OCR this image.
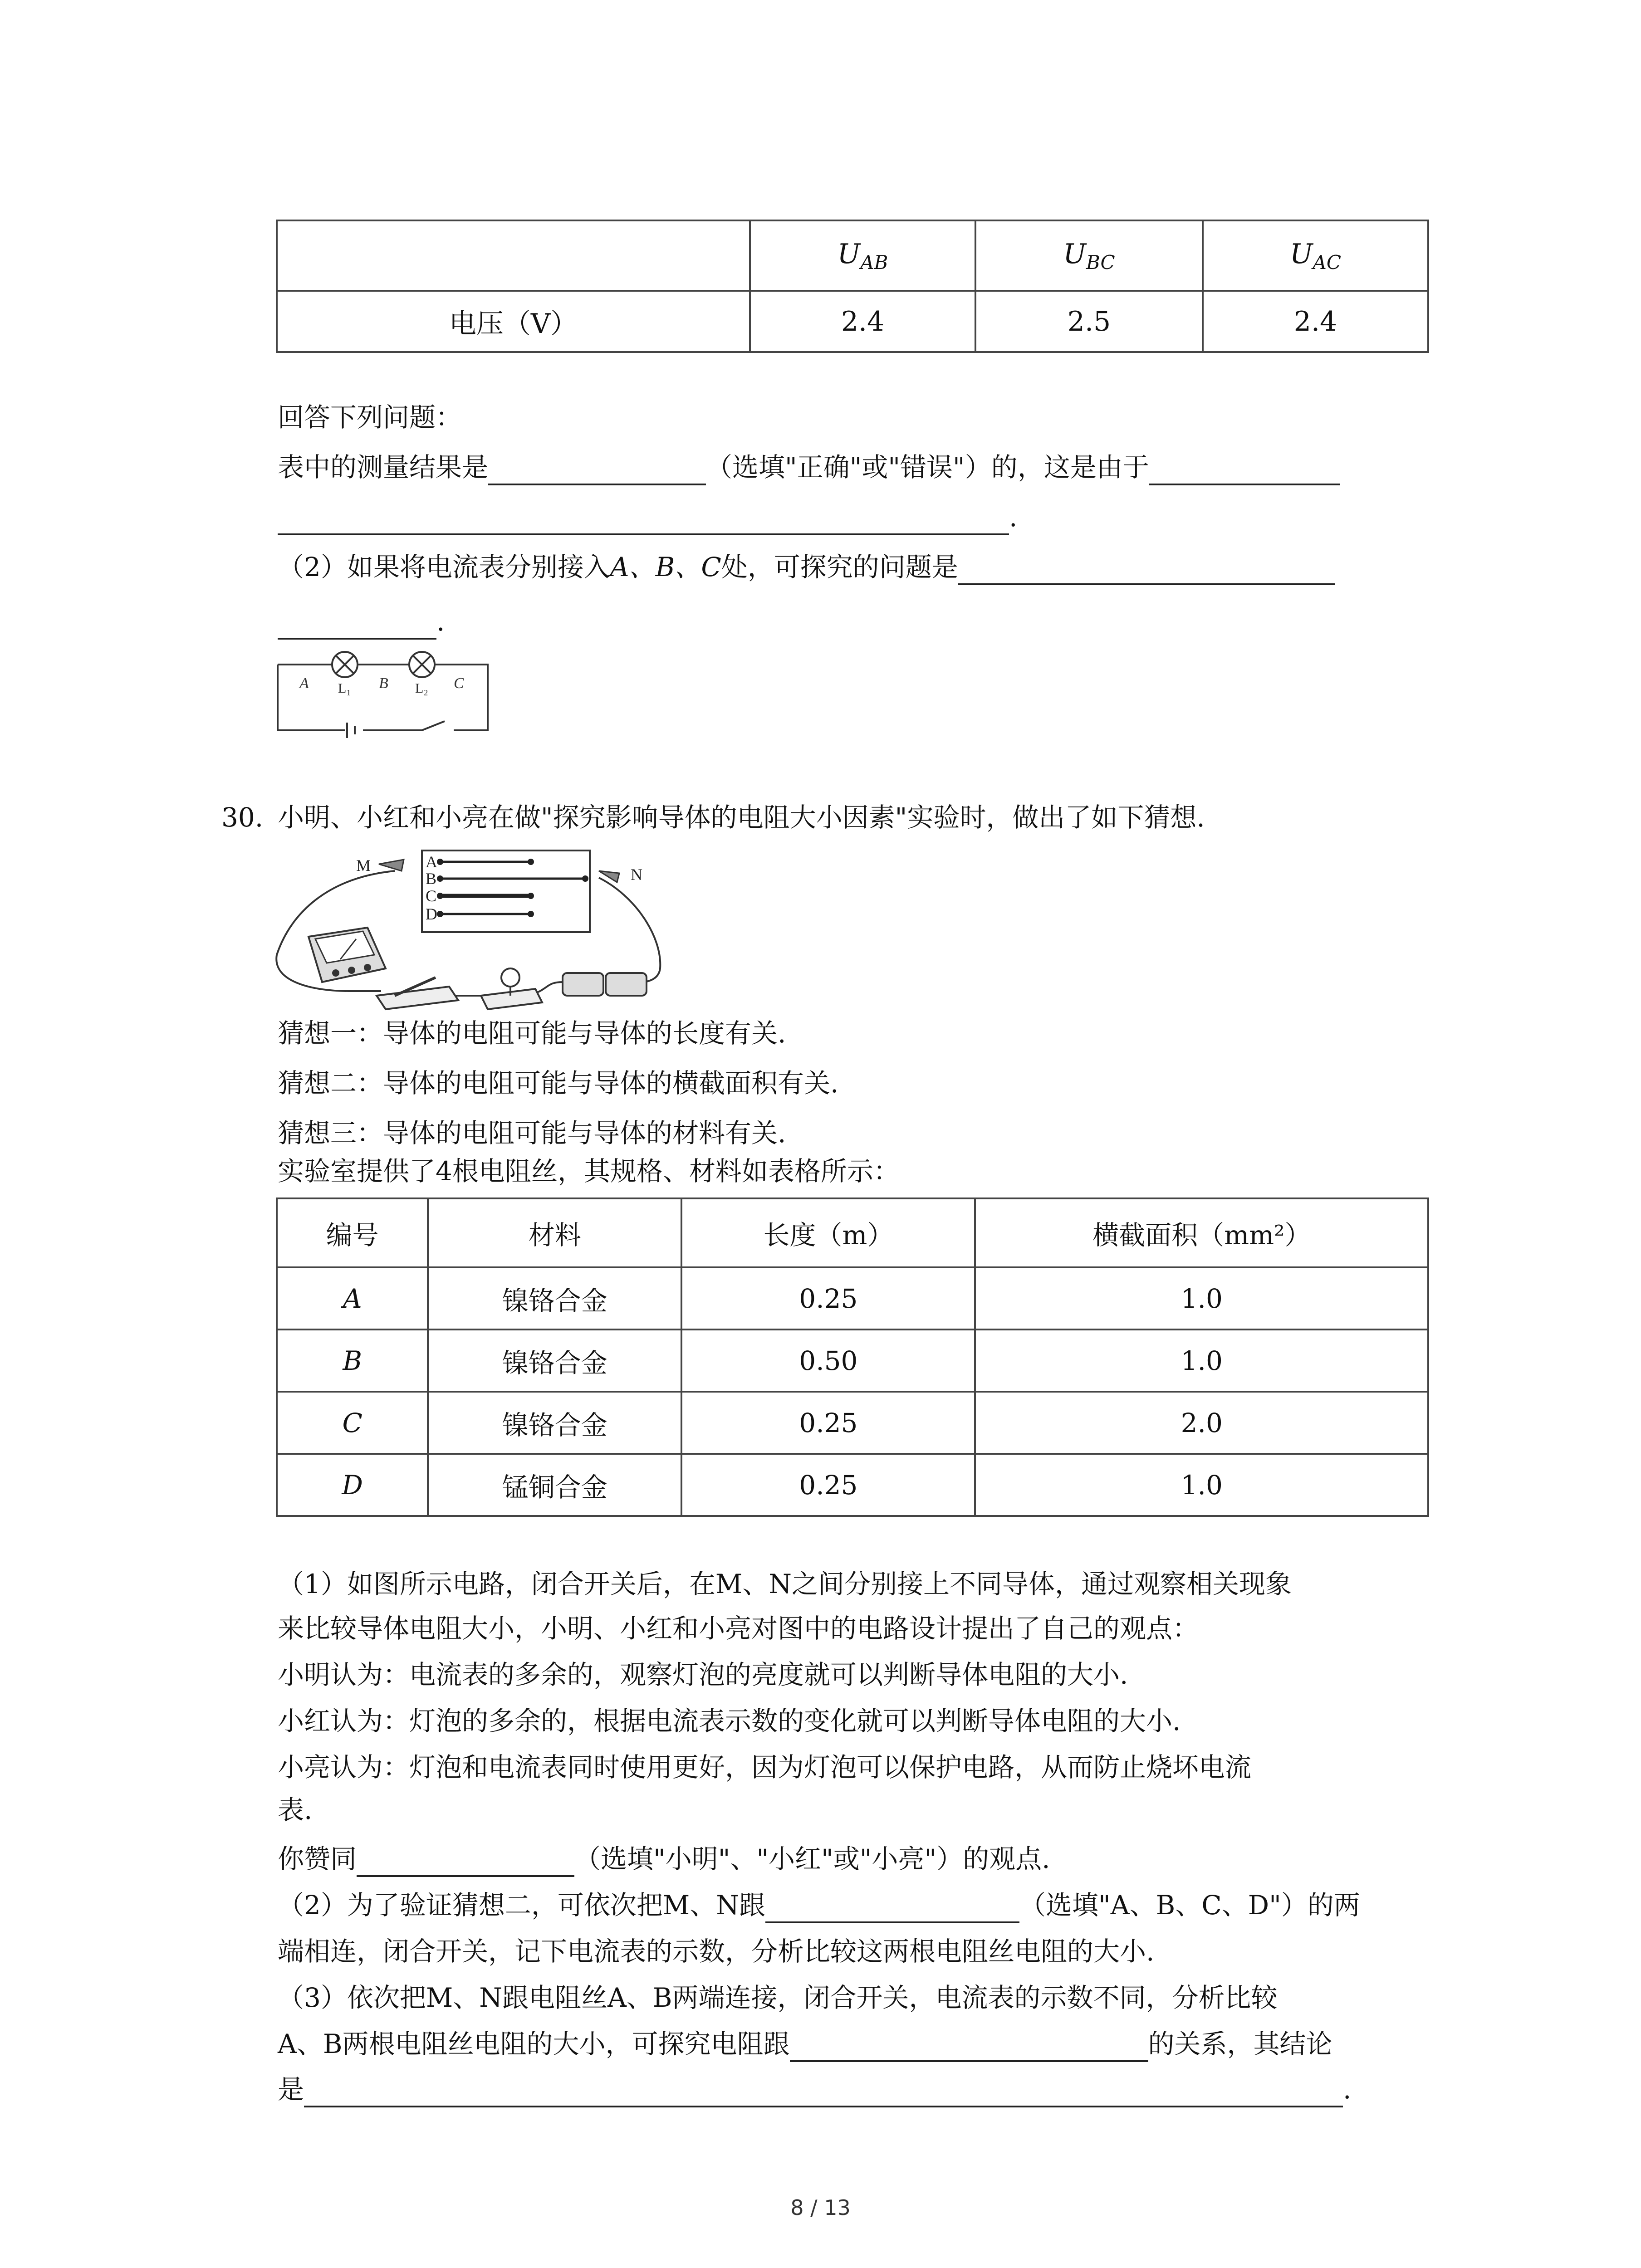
	$U_{AB}$	$U_{BC}$	$U_{AC}$
电压（V）	2.4	2.5	2.4
回答下列问题：
表中的测量结果是	（选填"正确"或"错误"）的，这是由于
.
（2）如果将电流表分别接入A、B、C处，可探究的问题是
.
A L₁ B L₂ C
30. 小明、小红和小亮在做"探究影响导体的电阻大小因素"实验时，做出了如下猜想.
A
B
C
D
M	N
猜想一：导体的电阻可能与导体的长度有关.
猜想二：导体的电阻可能与导体的横截面积有关.
猜想三：导体的电阻可能与导体的材料有关.
实验室提供了4根电阻丝，其规格、材料如表格所示：
编号	材料	长度（m）	横截面积（mm²）
A	镍铬合金	0.25	1.0
B	镍铬合金	0.50	1.0
C	镍铬合金	0.25	2.0
D	锰铜合金	0.25	1.0
（1）如图所示电路，闭合开关后，在M、N之间分别接上不同导体，通过观察相关现象
来比较导体电阻大小，小明、小红和小亮对图中的电路设计提出了自己的观点：
小明认为：电流表的多余的，观察灯泡的亮度就可以判断导体电阻的大小.
小红认为：灯泡的多余的，根据电流表示数的变化就可以判断导体电阻的大小.
小亮认为：灯泡和电流表同时使用更好，因为灯泡可以保护电路，从而防止烧坏电流
表.
你赞同	（选填"小明"、"小红"或"小亮"）的观点.
（2）为了验证猜想二，可依次把M、N跟	（选填"A、B、C、D"）的两
端相连，闭合开关，记下电流表的示数，分析比较这两根电阻丝电阻的大小.
（3）依次把M、N跟电阻丝A、B两端连接，闭合开关，电流表的示数不同，分析比较
A、B两根电阻丝电阻的大小，可探究电阻跟	的关系，其结论
是	.
8 / 13
